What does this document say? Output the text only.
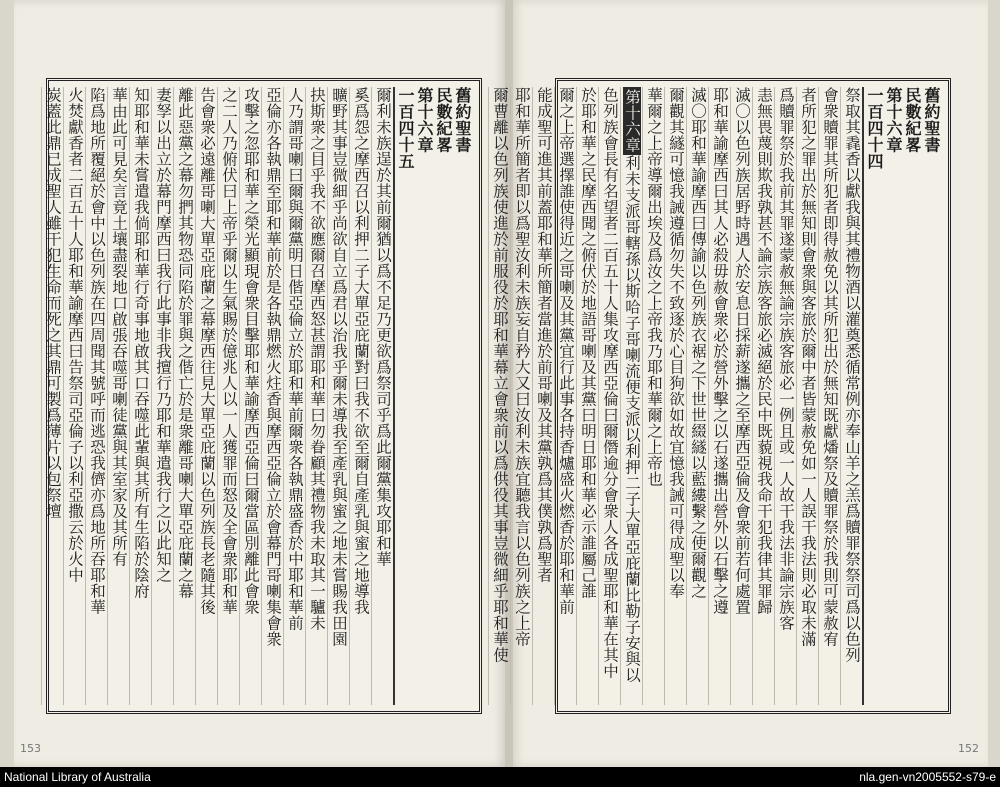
舊約聖書
民數紀畧
第十六章
一百四十五
爾利未族逞於其前爾猶以爲不足乃更欲爲祭司乎爲此爾黨集攻耶和華
奚爲怨之摩西召以利押二子大單亞庇蘭對曰我不欲至爾自產乳與蜜之地導我
曠野其事豈微細乎尚欲自立爲君以治我乎爾未導我至產乳與蜜之地未嘗賜我田園
抉斯衆之目乎我不欲應爾召摩西怒甚謂耶和華曰勿眷顧其禮物我未取其一驢未
人乃謂哥喇曰爾與爾黨明日偕亞倫立於耶和華前爾衆各執鼎盛香於中耶和華前
亞倫亦各執鼎至耶和華前於是各執鼎燃火炷香與摩西亞倫立於會幕門哥喇集會衆
攻擊之忽耶和華之榮光顯現會衆目擊耶和華諭摩西亞倫曰爾當區別離此會衆
之二人乃俯伏曰上帝乎爾以生氣賜於億兆人以一人獲罪而怒及全會衆耶和華
告會衆必遠離哥喇大單亞庇蘭之幕摩西往見大單亞庇蘭以色列族長老隨其後
離此惡黨之幕勿捫其物恐同陷於罪與之偕亡於是衆離哥喇大單亞庇蘭之幕
妻孥以出立於幕門摩西曰我行此事非我擅行乃耶和華遣我行之以此知之
知耶和華未嘗遣我倘耶和華行奇事地啟其口吞噬此輩與其所有生陷於陰府
華由此可見矣言竟土壤盡裂地口啟張吞噬哥喇徒黨與其室家及其所有
陷爲地所覆絕於會中以色列族在四周聞其號呼而逃恐我儕亦爲地所吞耶和華
火焚獻香者二百五十人耶和華諭摩西曰告祭司亞倫子以利亞撒云於火中
炭蓋此鼎已成聖人雖干犯生命而死之其鼎可製爲薄片以包祭壇
153
舊約聖書
民數紀畧
第十六章
一百四十四
祭取其毳香以獻我與其禮物酒以灌奠悉循常例亦奉山羊之羔爲贖罪祭祭司爲以色列
會衆贖罪其所犯者即得赦免以其所犯出於無知既獻燔祭及贖罪祭於我則可蒙赦宥
者所犯之罪出於無知則會衆與客旅於爾中者皆蒙赦免如一人誤干我法則必取未滿
爲贖罪祭於我前其罪遂蒙赦無論宗族客旅必一例且或一人故干我法非論宗族客
恚無畏蔑則欺我孰甚不論宗族客旅必滅絕於民中既藐視我命干犯我律其罪歸
滅〇以色列族居野時遇人於安息日採薪遂攜之至摩西亞倫及會衆前若何處置
耶和華諭摩西曰其人必殺毋赦會衆必於營外擊之以石遂攜出營外以石擊之遵
滅〇耶和華諭摩西曰傳諭以色列族衣裾之下世世綴繸以藍縷繫之使爾觀之
爾觀其繸可憶我誡遵循勿失不致逐於心目狗欲如故宜憶我誡可得成聖以奉
華爾之上帝導爾出埃及爲汝之上帝我乃耶和華爾之上帝也
第十六章利未支派哥轄孫以斯哈子哥喇流便支派以利押二子大單亞庇蘭比勒子安與以
色列族會長有名望者二百五十人集攻摩西亞倫曰爾僭逾分會衆人各成聖耶和華在其中
於耶和華之民摩西聞之俯伏於地語哥喇及其黨曰明日耶和華必示誰屬己誰
爾之上帝選擇誰使得近之哥喇及其黨宜行此事各持香爐盛火燃香於耶和華前
能成聖可進其前蓋耶和華所簡者當進於前哥喇及其黨孰爲其僕孰爲聖者
耶和華所簡者即以爲聖汝利未族妄自矜大又曰汝利未族宜聽我言以色列族之上帝
爾曹離以色列族使進於前服役於耶和華幕立會衆前以爲供役其事豈微細乎耶和華使
152
National Library of Australia	nla.gen-vn2005552-s79-e
